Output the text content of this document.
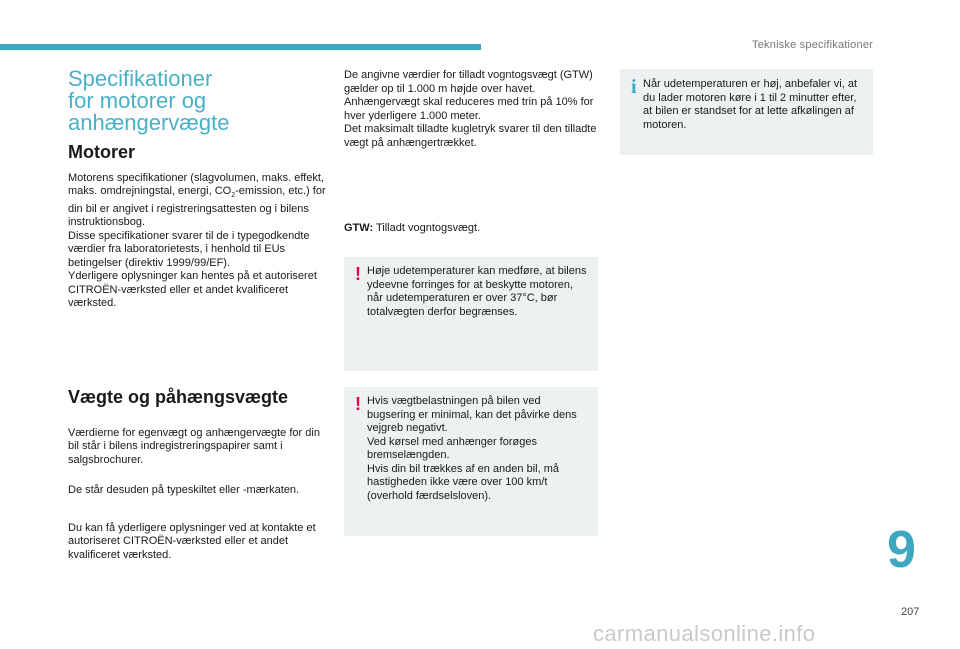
Tekniske specifikationer
Specifikationer
for motorer og
anhængervægte
Motorer

Motorens specifikationer (slagvolumen, maks. effekt, maks. omdrejningstal, energi, $CO_2$-emission, etc.) for din bil er angivet i registreringsattesten og i bilens instruktionsbog.
Disse specifikationer svarer til de i typegodkendte værdier fra laboratorietests, i henhold til EUs betingelser (direktiv 1999/99/EF).
Yderligere oplysninger kan hentes på et autoriseret CITROËN-værksted eller et andet kvalificeret værksted.

Vægte og påhængsvægte

Værdierne for egenvægt og anhængervægte for din bil står i bilens indregistreringspapirer samt i salgsbrochurer.

De står desuden på typeskiltet eller -mærkaten.

Du kan få yderligere oplysninger ved at kontakte et autoriseret CITROËN-værksted eller et andet kvalificeret værksted.

De angivne værdier for tilladt vogntogsvægt (GTW) gælder op til 1.000 m højde over havet. Anhængervægt skal reduceres med trin på 10% for hver yderligere 1.000 meter.
Det maksimalt tilladte kugletryk svarer til den tilladte vægt på anhængertrækket.

GTW: Tilladt vogntogsvægt.
! Høje udetemperaturer kan medføre, at bilens ydeevne forringes for at beskytte motoren, når udetemperaturen er over 37°C, bør totalvægten derfor begrænses.
! Hvis vægtbelastningen på bilen ved bugsering er minimal, kan det påvirke dens vejgreb negativt.
Ved kørsel med anhænger forøges bremselængden.
Hvis din bil trækkes af en anden bil, må hastigheden ikke være over 100 km/t (overhold færdselsloven).
i Når udetemperaturen er høj, anbefaler vi, at du lader motoren køre i 1 til 2 minutter efter, at bilen er standset for at lette afkølingen af motoren.
9
207
carmanualsonline.info
